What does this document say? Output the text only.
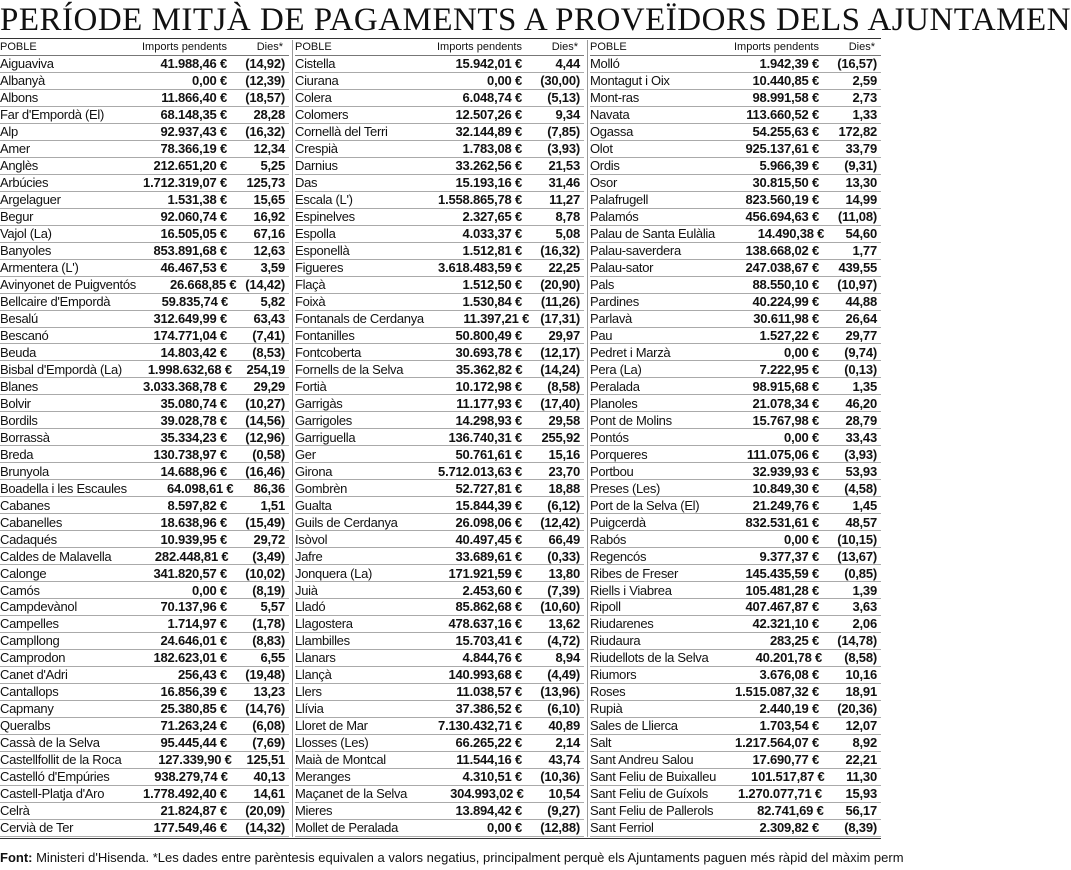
PERÍODE MITJÀ DE PAGAMENTS A PROVEÏDORS DELS AJUNTAMEN
POBLE	Imports pendents	Dies*
Aiguaviva	41.988,46 €	(14,92)
Albanyà	0,00 €	(12,39)
Albons	11.866,40 €	(18,57)
Far d'Empordà (El)	68.148,35 €	28,28
Alp	92.937,43 €	(16,32)
Amer	78.366,19 €	12,34
Anglès	212.651,20 €	5,25
Arbúcies	1.712.319,07 €	125,73
Argelaguer	1.531,38 €	15,65
Begur	92.060,74 €	16,92
Vajol (La)	16.505,05 €	67,16
Banyoles	853.891,68 €	12,63
Armentera (L')	46.467,53 €	3,59
Avinyonet de Puigventós	26.668,85 € (14,42)
Bellcaire d'Empordà	59.835,74 €	5,82
Besalú	312.649,99 €	63,43
Bescanó	174.771,04 €	(7,41)
Beuda	14.803,42 €	(8,53)
Bisbal d'Empordà (La)	1.998.632,68 €	254,19
Blanes	3.033.368,78 €	29,29
Bolvir	35.080,74 €	(10,27)
Bordils	39.028,78 €	(14,56)
Borrassà	35.334,23 €	(12,96)
Breda	130.738,97 €	(0,58)
Brunyola	14.688,96 €	(16,46)
Boadella i les Escaules	64.098,61 €	86,36
Cabanes	8.597,82 €	1,51
Cabanelles	18.638,96 €	(15,49)
Cadaqués	10.939,95 €	29,72
Caldes de Malavella	282.448,81 €	(3,49)
Calonge	341.820,57 €	(10,02)
Camós	0,00 €	(8,19)
Campdevànol	70.137,96 €	5,57
Campelles	1.714,97 €	(1,78)
Campllong	24.646,01 €	(8,83)
Camprodon	182.623,01 €	6,55
Canet d'Adri	256,43 €	(19,48)
Cantallops	16.856,39 €	13,23
Capmany	25.380,85 €	(14,76)
Queralbs	71.263,24 €	(6,08)
Cassà de la Selva	95.445,44 €	(7,69)
Castellfollit de la Roca	127.339,90 €	125,51
Castelló d'Empúries	938.279,74 €	40,13
Castell-Platja d'Aro	1.778.492,40 €	14,61
Celrà	21.824,87 €	(20,09)
Cervià de Ter	177.549,46 €	(14,32)
POBLE	Imports pendents	Dies*
Cistella	15.942,01 €	4,44
Ciurana	0,00 €	(30,00)
Colera	6.048,74 €	(5,13)
Colomers	12.507,26 €	9,34
Cornellà del Terri	32.144,89 €	(7,85)
Crespià	1.783,08 €	(3,93)
Darnius	33.262,56 €	21,53
Das	15.193,16 €	31,46
Escala (L')	1.558.865,78 €	11,27
Espinelves	2.327,65 €	8,78
Espolla	4.033,37 €	5,08
Esponellà	1.512,81 €	(16,32)
Figueres	3.618.483,59 €	22,25
Flaçà	1.512,50 €	(20,90)
Foixà	1.530,84 €	(11,26)
Fontanals de Cerdanya	11.397,21 € (17,31)
Fontanilles	50.800,49 €	29,97
Fontcoberta	30.693,78 €	(12,17)
Fornells de la Selva	35.362,82 €	(14,24)
Fortià	10.172,98 €	(8,58)
Garrigàs	11.177,93 €	(17,40)
Garrigoles	14.298,93 €	29,58
Garriguella	136.740,31 €	255,92
Ger	50.761,61 €	15,16
Girona	5.712.013,63 €	23,70
Gombrèn	52.727,81 €	18,88
Gualta	15.844,39 €	(6,12)
Guils de Cerdanya	26.098,06 €	(12,42)
Isòvol	40.497,45 €	66,49
Jafre	33.689,61 €	(0,33)
Jonquera (La)	171.921,59 €	13,80
Juià	2.453,60 €	(7,39)
Lladó	85.862,68 €	(10,60)
Llagostera	478.637,16 €	13,62
Llambilles	15.703,41 €	(4,72)
Llanars	4.844,76 €	8,94
Llançà	140.993,68 €	(4,49)
Llers	11.038,57 €	(13,96)
Llívia	37.386,52 €	(6,10)
Lloret de Mar	7.130.432,71 €	40,89
Llosses (Les)	66.265,22 €	2,14
Maià de Montcal	11.544,16 €	43,74
Meranges	4.310,51 €	(10,36)
Maçanet de la Selva	304.993,02 €	10,54
Mieres	13.894,42 €	(9,27)
Mollet de Peralada	0,00 €	(12,88)
POBLE	Imports pendents	Dies*
Molló	1.942,39 €	(16,57)
Montagut i Oix	10.440,85 €	2,59
Mont-ras	98.991,58 €	2,73
Navata	113.660,52 €	1,33
Ogassa	54.255,63 €	172,82
Olot	925.137,61 €	33,79
Ordis	5.966,39 €	(9,31)
Osor	30.815,50 €	13,30
Palafrugell	823.560,19 €	14,99
Palamós	456.694,63 €	(11,08)
Palau de Santa Eulàlia	14.490,38 €	54,60
Palau-saverdera	138.668,02 €	1,77
Palau-sator	247.038,67 €	439,55
Pals	88.550,10 €	(10,97)
Pardines	40.224,99 €	44,88
Parlavà	30.611,98 €	26,64
Pau	1.527,22 €	29,77
Pedret i Marzà	0,00 €	(9,74)
Pera (La)	7.222,95 €	(0,13)
Peralada	98.915,68 €	1,35
Planoles	21.078,34 €	46,20
Pont de Molins	15.767,98 €	28,79
Pontós	0,00 €	33,43
Porqueres	111.075,06 €	(3,93)
Portbou	32.939,93 €	53,93
Preses (Les)	10.849,30 €	(4,58)
Port de la Selva (El)	21.249,76 €	1,45
Puigcerdà	832.531,61 €	48,57
Rabós	0,00 €	(10,15)
Regencós	9.377,37 €	(13,67)
Ribes de Freser	145.435,59 €	(0,85)
Riells i Viabrea	105.481,28 €	1,39
Ripoll	407.467,87 €	3,63
Riudarenes	42.321,10 €	2,06
Riudaura	283,25 €	(14,78)
Riudellots de la Selva	40.201,78 €	(8,58)
Riumors	3.676,08 €	10,16
Roses	1.515.087,32 €	18,91
Rupià	2.440,19 €	(20,36)
Sales de Llierca	1.703,54 €	12,07
Salt	1.217.564,07 €	8,92
Sant Andreu Salou	17.690,77 €	22,21
Sant Feliu de Buixalleu	101.517,87 €	11,30
Sant Feliu de Guíxols	1.270.077,71 €	15,93
Sant Feliu de Pallerols	82.741,69 €	56,17
Sant Ferriol	2.309,82 €	(8,39)
Font: Ministeri d'Hisenda. *Les dades entre parèntesis equivalen a valors negatius, principalment perquè els Ajuntaments paguen més ràpid del màxim perm
